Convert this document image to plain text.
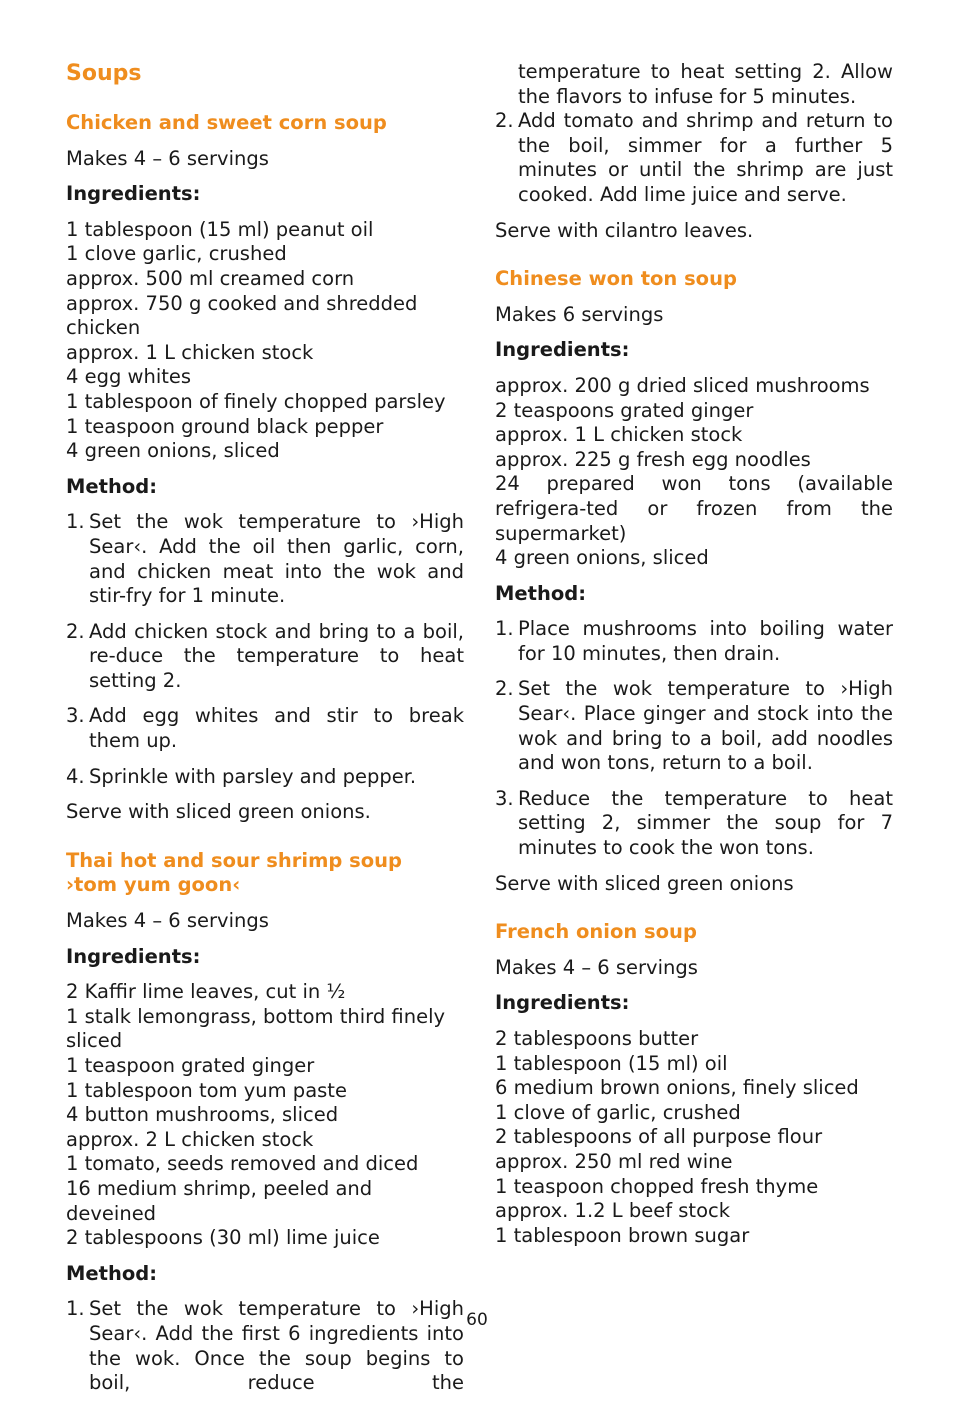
Soups
Chicken and sweet corn soup
Makes 4 – 6 servings
Ingredients:
1 tablespoon (15 ml) peanut oil
1 clove garlic, crushed
approx. 500 ml creamed corn
approx. 750 g cooked and shredded chicken
approx. 1 L chicken stock
4 egg whites
1 tablespoon of finely chopped parsley
1 teaspoon ground black pepper
4 green onions, sliced
Method:
1. Set the wok temperature to ›High Sear‹. Add the oil then garlic, corn, and chicken meat into the wok and stir-fry for 1 minute.
2. Add chicken stock and bring to a boil, re-duce the temperature to heat setting 2.
3. Add egg whites and stir to break them up.
4. Sprinkle with parsley and pepper.
Serve with sliced green onions.
Thai hot and sour shrimp soup
›tom yum goon‹
Makes 4 – 6 servings
Ingredients:
2 Kaffir lime leaves, cut in ½
1 stalk lemongrass, bottom third finely sliced
1 teaspoon grated ginger
1 tablespoon tom yum paste
4 button mushrooms, sliced
approx. 2 L chicken stock
1 tomato, seeds removed and diced
16 medium shrimp, peeled and deveined
2 tablespoons (30 ml) lime juice
Method:
1. Set the wok temperature to ›High Sear‹. Add the first 6 ingredients into the wok. Once the soup begins to boil, reduce the
temperature to heat setting 2. Allow the flavors to infuse for 5 minutes.
2. Add tomato and shrimp and return to the boil, simmer for a further 5 minutes or until the shrimp are just cooked. Add lime juice and serve.
Serve with cilantro leaves.
Chinese won ton soup
Makes 6 servings
Ingredients:
approx. 200 g dried sliced mushrooms
2 teaspoons grated ginger
approx. 1 L chicken stock
approx. 225 g fresh egg noodles
24 prepared won tons (available refrigera-ted or frozen from the supermarket)
4 green onions, sliced
Method:
1. Place mushrooms into boiling water for 10 minutes, then drain.
2. Set the wok temperature to ›High Sear‹. Place ginger and stock into the wok and bring to a boil, add noodles and won tons, return to a boil.
3. Reduce the temperature to heat setting 2, simmer the soup for 7 minutes to cook the won tons.
Serve with sliced green onions
French onion soup
Makes 4 – 6 servings
Ingredients:
2 tablespoons butter
1 tablespoon (15 ml) oil
6 medium brown onions, finely sliced
1 clove of garlic, crushed
2 tablespoons of all purpose flour
approx. 250 ml red wine
1 teaspoon chopped fresh thyme
approx. 1.2 L beef stock
1 tablespoon brown sugar
60
